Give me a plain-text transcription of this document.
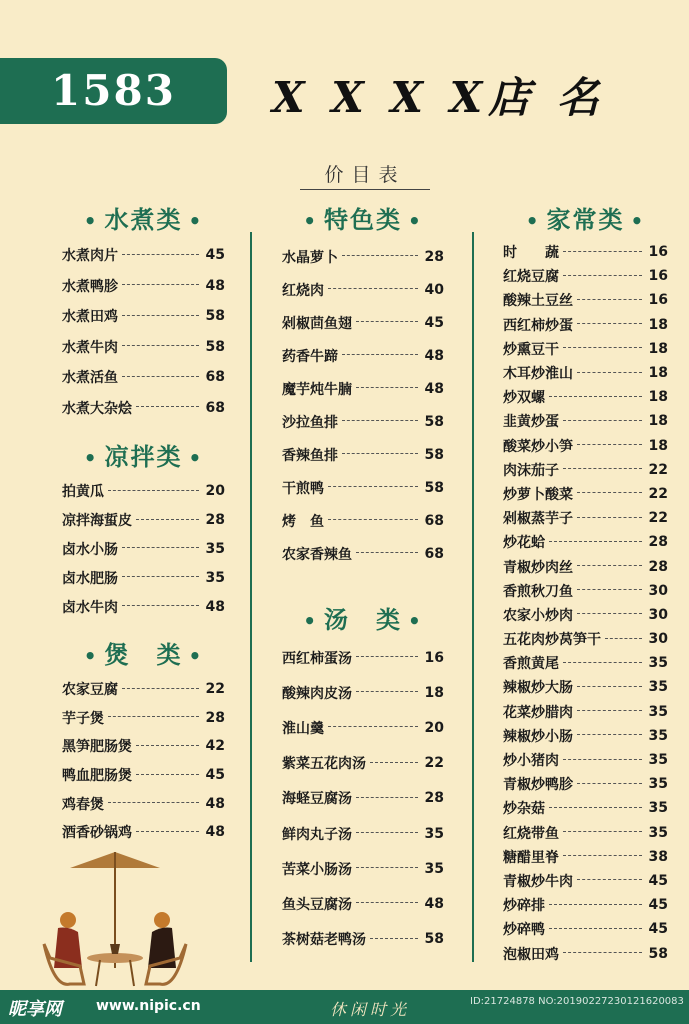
1583	X X X X店 名
价目表
• 水煮类 •
水煮肉片	45
水煮鸭胗	48
水煮田鸡	58
水煮牛肉	58
水煮活鱼	68
水煮大杂烩	68
• 凉拌类 •
拍黄瓜	20
凉拌海蜇皮	28
卤水小肠	35
卤水肥肠	35
卤水牛肉	48
• 煲　类 •
农家豆腐	22
芋子煲	28
黑笋肥肠煲	42
鸭血肥肠煲	45
鸡春煲	48
酒香砂锅鸡	48
• 特色类 •
水晶萝卜	28
红烧肉	40
剁椒茴鱼翅	45
药香牛蹄	48
魔芋炖牛腩	48
沙拉鱼排	58
香辣鱼排	58
干煎鸭	58
烤　鱼	68
农家香辣鱼	68
• 汤　类 •
西红柿蛋汤	16
酸辣肉皮汤	18
淮山羹	20
紫菜五花肉汤	22
海蛏豆腐汤	28
鲜肉丸子汤	35
苦菜小肠汤	35
鱼头豆腐汤	48
茶树菇老鸭汤	58
• 家常类 •
时　　蔬	16
红烧豆腐	16
酸辣土豆丝	16
西红柿炒蛋	18
炒熏豆干	18
木耳炒淮山	18
炒双螺	18
韭黄炒蛋	18
酸菜炒小笋	18
肉沫茄子	22
炒萝卜酸菜	22
剁椒蒸芋子	22
炒花蛤	28
青椒炒肉丝	28
香煎秋刀鱼	30
农家小炒肉	30
五花肉炒莴笋干	30
香煎黄尾	35
辣椒炒大肠	35
花菜炒腊肉	35
辣椒炒小肠	35
炒小猪肉	35
青椒炒鸭胗	35
炒杂菇	35
红烧带鱼	35
糖醋里脊	38
青椒炒牛肉	45
炒碎排	45
炒碎鸭	45
泡椒田鸡	58
昵享网 www.nipic.cn	休闲时光	ID:21724878 NO:20190227230121620083
